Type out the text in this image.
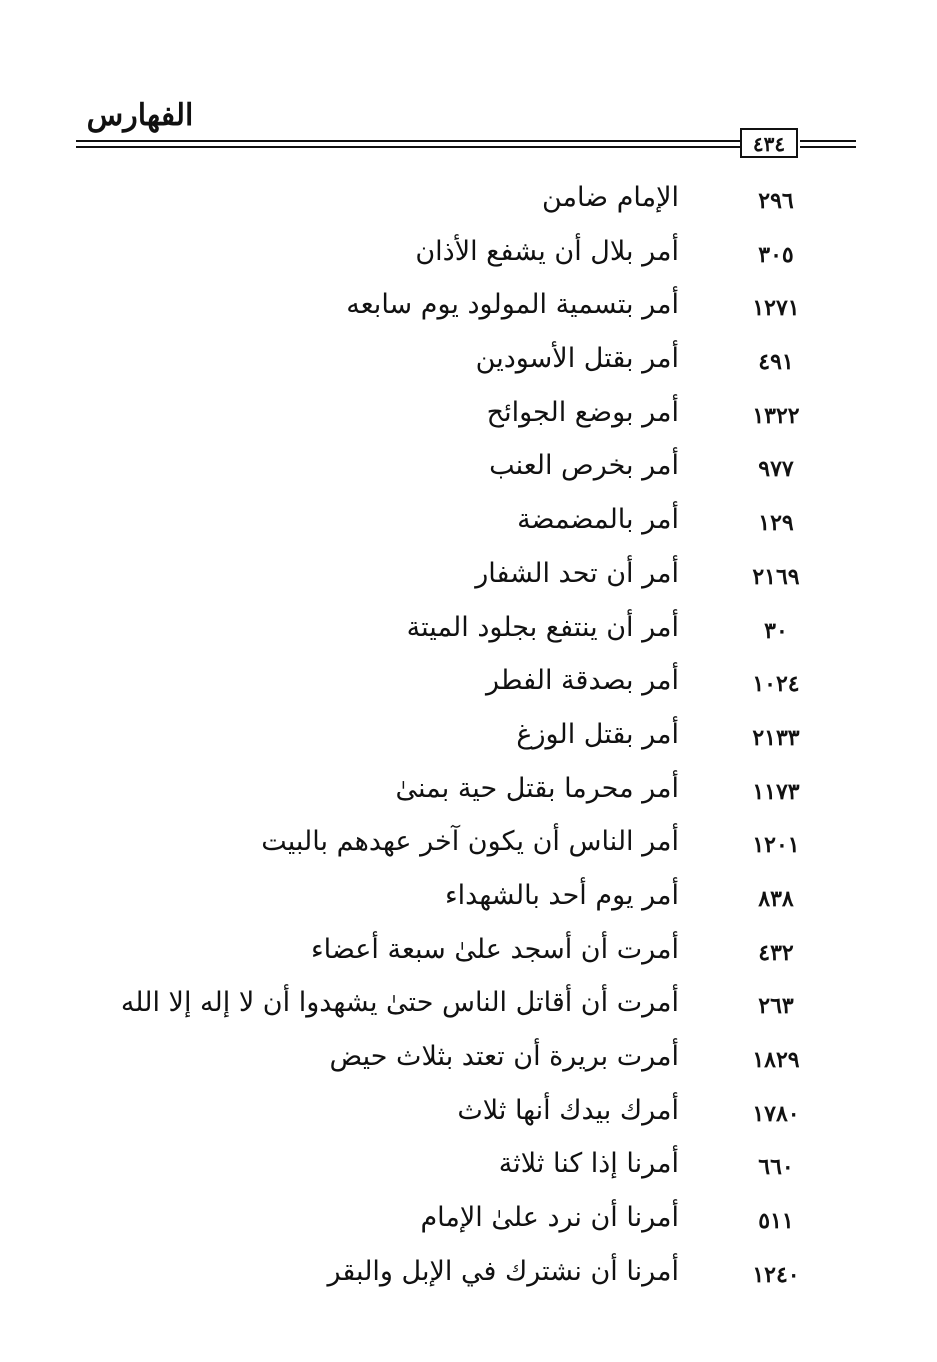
الفهارس
٤٣٤
٢٩٦
الإمام ضامن
٣٠٥
أمر بلال أن يشفع الأذان
١٢٧١
أمر بتسمية المولود يوم سابعه
٤٩١
أمر بقتل الأسودين
١٣٢٢
أمر بوضع الجوائح
٩٧٧
أمر بخرص العنب
١٢٩
أمر بالمضمضة
٢١٦٩
أمر أن تحد الشفار
٣٠
أمر أن ينتفع بجلود الميتة
١٠٢٤
أمر بصدقة الفطر
٢١٣٣
أمر بقتل الوزغ
١١٧٣
أمر محرما بقتل حية بمنىٰ
١٢٠١
أمر الناس أن يكون آخر عهدهم بالبيت
٨٣٨
أمر يوم أحد بالشهداء
٤٣٢
أمرت أن أسجد علىٰ سبعة أعضاء
٢٦٣
أمرت أن أقاتل الناس حتىٰ يشهدوا أن لا إله إلا الله
١٨٢٩
أمرت بريرة أن تعتد بثلاث حيض
١٧٨٠
أمرك بيدك أنها ثلاث
٦٦٠
أمرنا إذا كنا ثلاثة
٥١١
أمرنا أن نرد علىٰ الإمام
١٢٤٠
أمرنا أن نشترك في الإبل والبقر
